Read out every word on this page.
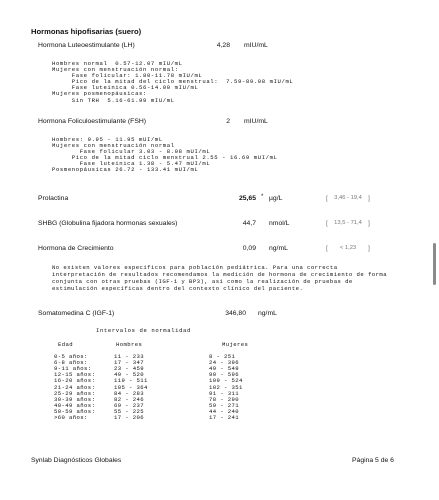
Hormonas hipofisarias (suero)
Hormona Luteoestimulante (LH)	4,28 mIU/mL
Hombres normal  0.57-12.07 mIU/mL
Mujeres con menstruación normal:
Fase folicular: 1.80-11.78 mIU/mL
Pico de la mitad del ciclo menstrual:  7.59-89.08 mIU/mL
Fase luteinica 0.56-14.00 mIU/mL
Mujeres posmenopáusicas:
Sin TRH  5.16-61.99 mIU/mL
Hormona Foliculoestimulante (FSH)	2 mIU/mL
Hombres: 0.95 - 11.95 mUI/mL
Mujeres con menstruación normal
Fase folicular 3.03 - 8.08 mUI/mL
Pico de la mitad ciclo menstrual 2.55 - 16.69 mUI/mL
Fase luteínica 1.38 - 5.47 mUI/mL
Posmenopáusicas 26.72 - 133.41 mUI/mL
Prolactina	25,65 * µg/L	[ 3,46 - 19,4 ]
SHBG (Globulina fijadora hormonas sexuales)	44,7 nmol/L	[ 13,5 - 71,4 ]
Hormona de Crecimiento	0,09 ng/mL	[	< 1,23	]
No existen valores específicos para población pediátrica. Para una correcta
interpretación de resultados recomendamos la medición de hormona de crecimiento de forma
conjunta con otras pruebas (IGF-1 y BP3), así como la realización de pruebas de
estimulación específicas dentro del contexto clínico del paciente.
Somatomedina C (IGF-1)	346,80 ng/mL
Intervalos de normalidad
Edad	Hombres	Mujeres
0-5 años:	11 - 233	8 - 251
6-8 años:	17 - 347	24 - 396
9-11 años:	23 - 459	49 - 549
12-15 años:	49 - 520	90 - 596
16-20 años:	119 - 511	109 - 524
21-24 años:	105 - 364	102 - 351
25-29 años:	84 - 283	91 - 311
30-39 años:	82 - 246	78 - 290
40-49 años:	69 - 237	59 - 271
50-59 años:	55 - 225	44 - 240
>60 años:	17 - 206	17 - 241
Synlab Diagnósticos Globales	Página 5 de 6
